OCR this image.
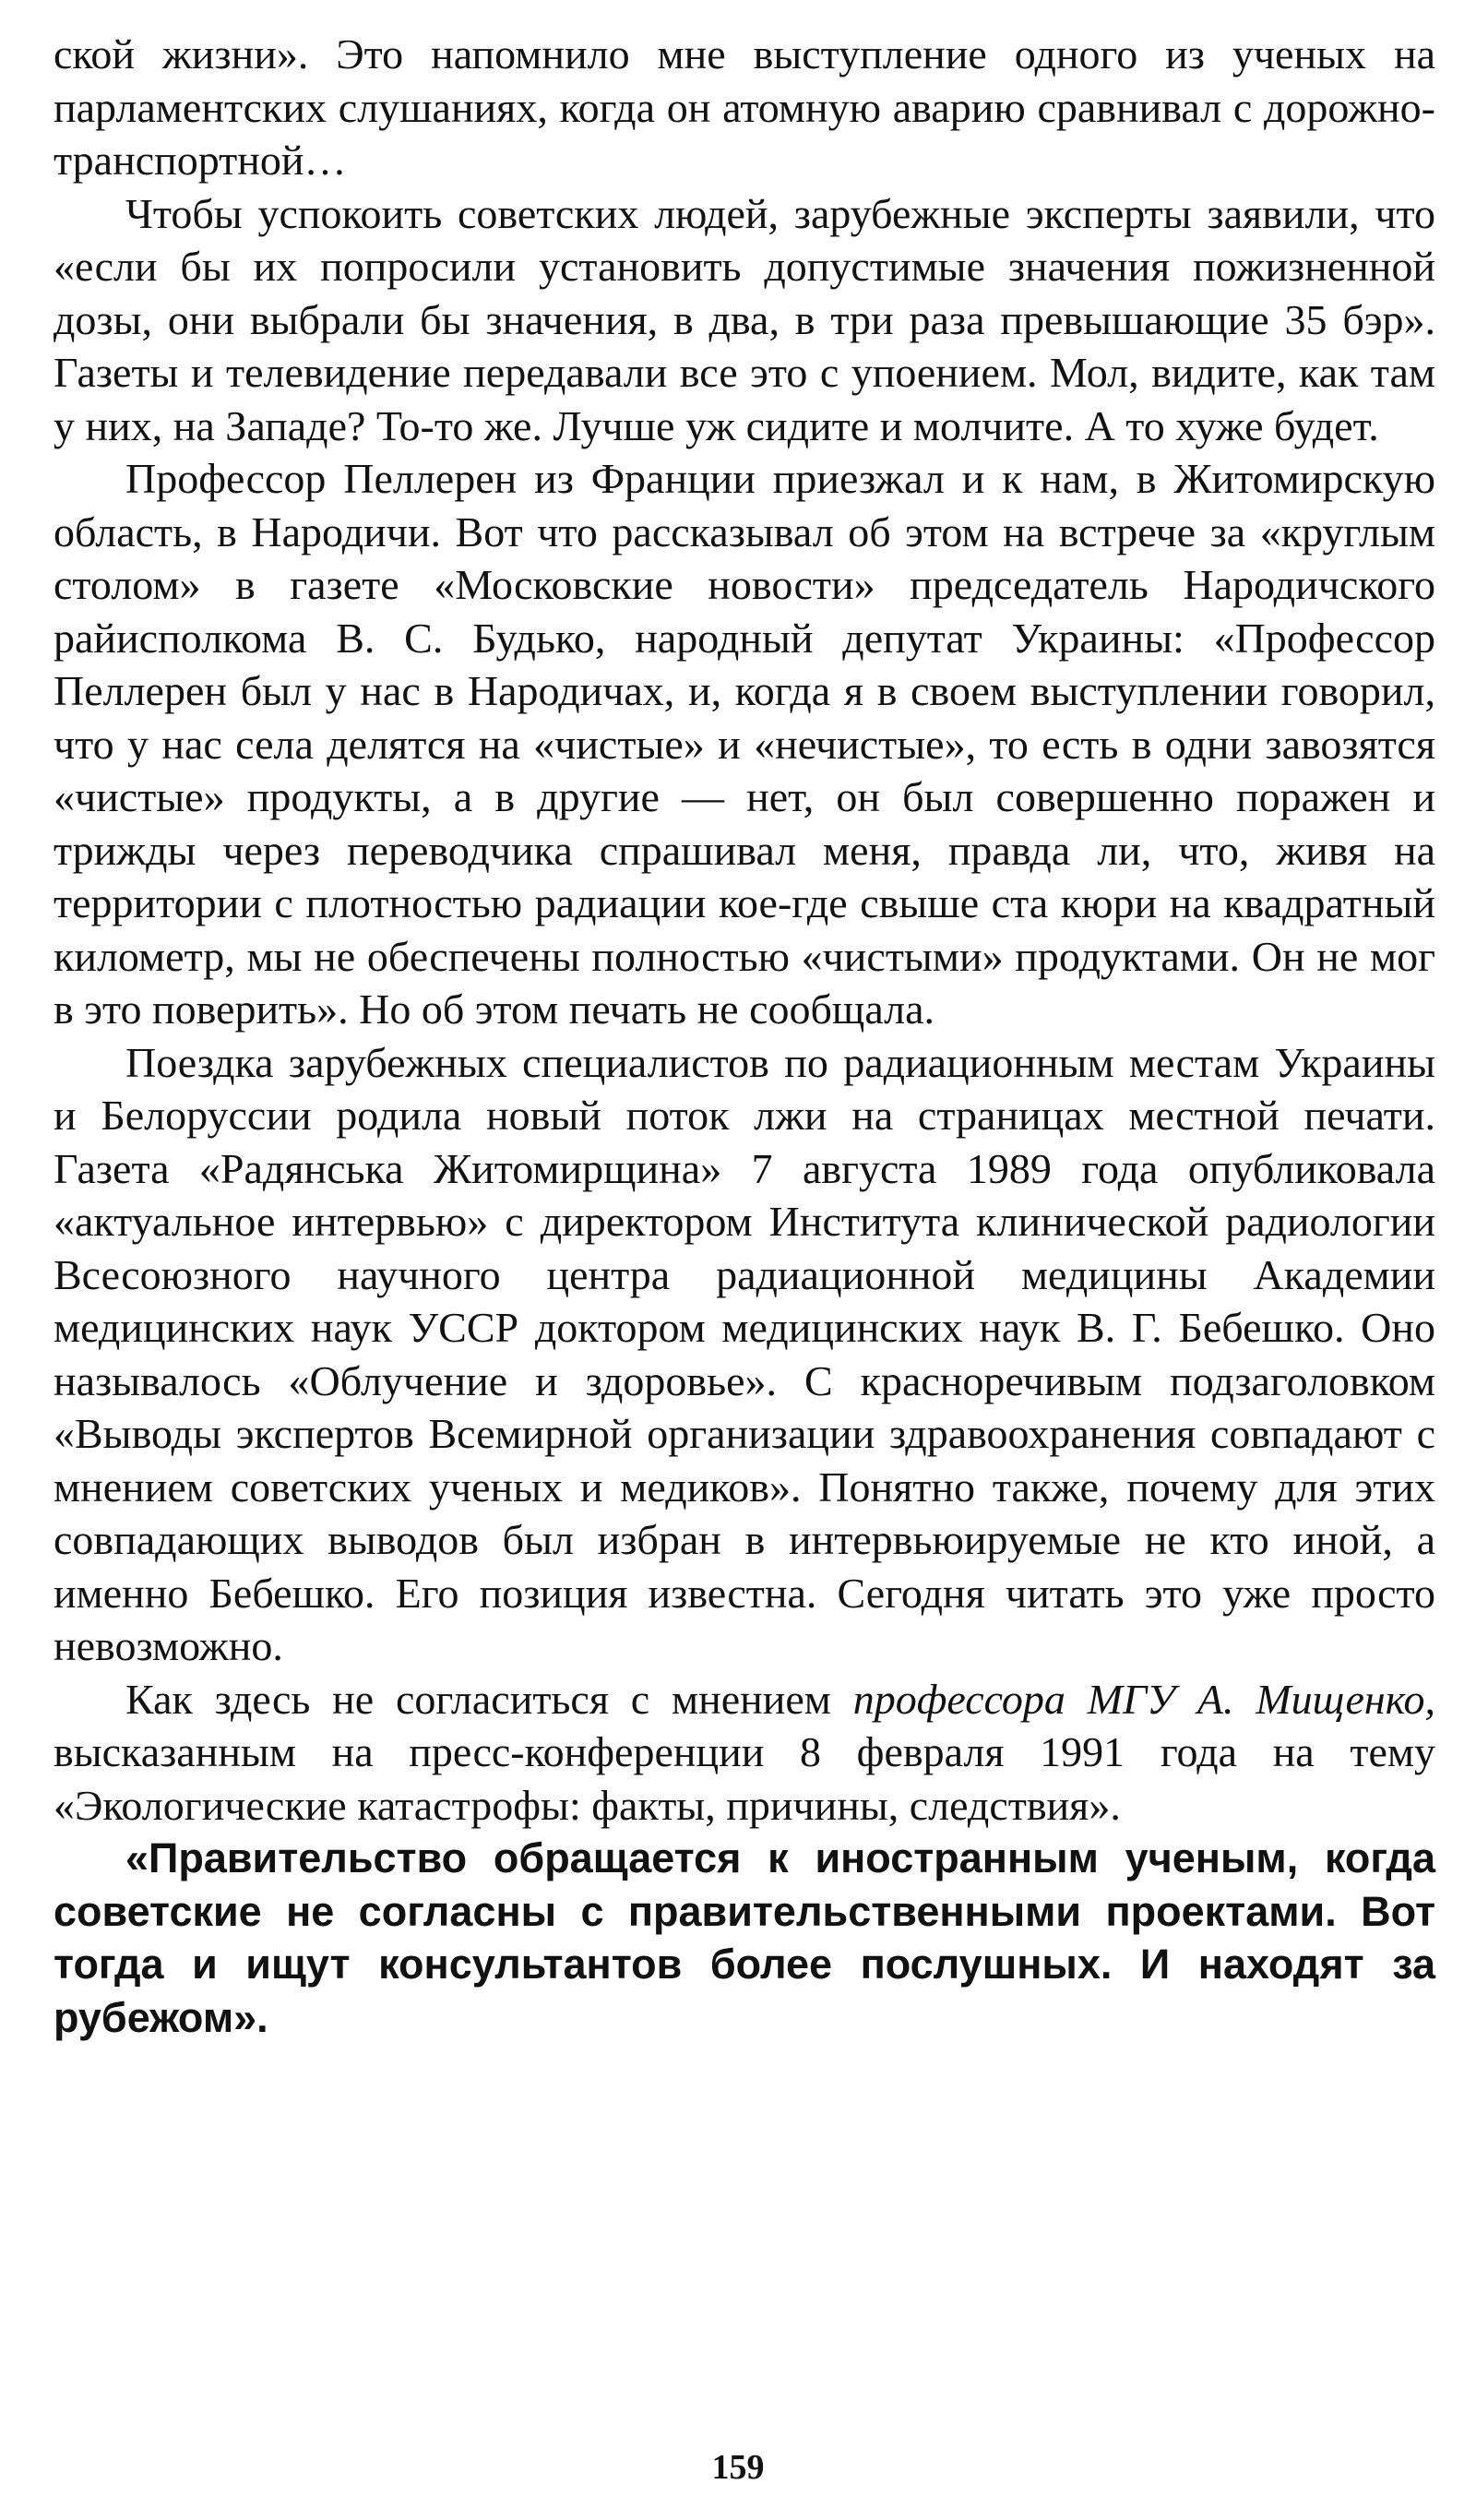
ской жизни». Это напомнило мне выступление одного из ученых на парламентских слушаниях, когда он атомную аварию сравнивал с дорожно-транспортной…

Чтобы успокоить советских людей, зарубежные эксперты заявили, что «если бы их попросили установить допустимые значения пожизненной дозы, они выбрали бы значения, в два, в три раза превышающие 35 бэр». Газеты и телевидение передавали все это с упоением. Мол, видите, как там у них, на Западе? То-то же. Лучше уж сидите и молчите. А то хуже будет.

Профессор Пеллерен из Франции приезжал и к нам, в Житомирскую область, в Народичи. Вот что рассказывал об этом на встрече за «круглым столом» в газете «Московские новости» председатель Народичского райисполкома В. С. Будько, народный депутат Украины: «Профессор Пеллерен был у нас в Народичах, и, когда я в своем выступлении говорил, что у нас села делятся на «чистые» и «нечистые», то есть в одни завозятся «чистые» продукты, а в другие — нет, он был совершенно поражен и трижды через переводчика спрашивал меня, правда ли, что, живя на территории с плотностью радиации кое-где свыше ста кюри на квадратный километр, мы не обеспечены полностью «чистыми» продуктами. Он не мог в это поверить». Но об этом печать не сообщала.

Поездка зарубежных специалистов по радиационным местам Украины и Белоруссии родила новый поток лжи на страницах местной печати. Газета «Радянська Житомирщина» 7 августа 1989 года опубликовала «актуальное интервью» с директором Института клинической радиологии Всесоюзного научного центра радиационной медицины Академии медицинских наук УССР доктором медицинских наук В. Г. Бебешко. Оно называлось «Облучение и здоровье». С красноречивым подзаголовком «Выводы экспертов Всемирной организации здравоохранения совпадают с мнением советских ученых и медиков». Понятно также, почему для этих совпадающих выводов был избран в интервьюируемые не кто иной, а именно Бебешко. Его позиция известна. Сегодня читать это уже просто невозможно.

Как здесь не согласиться с мнением профессора МГУ А. Мищенко, высказанным на пресс-конференции 8 февраля 1991 года на тему «Экологические катастрофы: факты, причины, следствия».

«Правительство обращается к иностранным ученым, когда советские не согласны с правительственными проектами. Вот тогда и ищут консультантов более послушных. И находят за рубежом».

159
